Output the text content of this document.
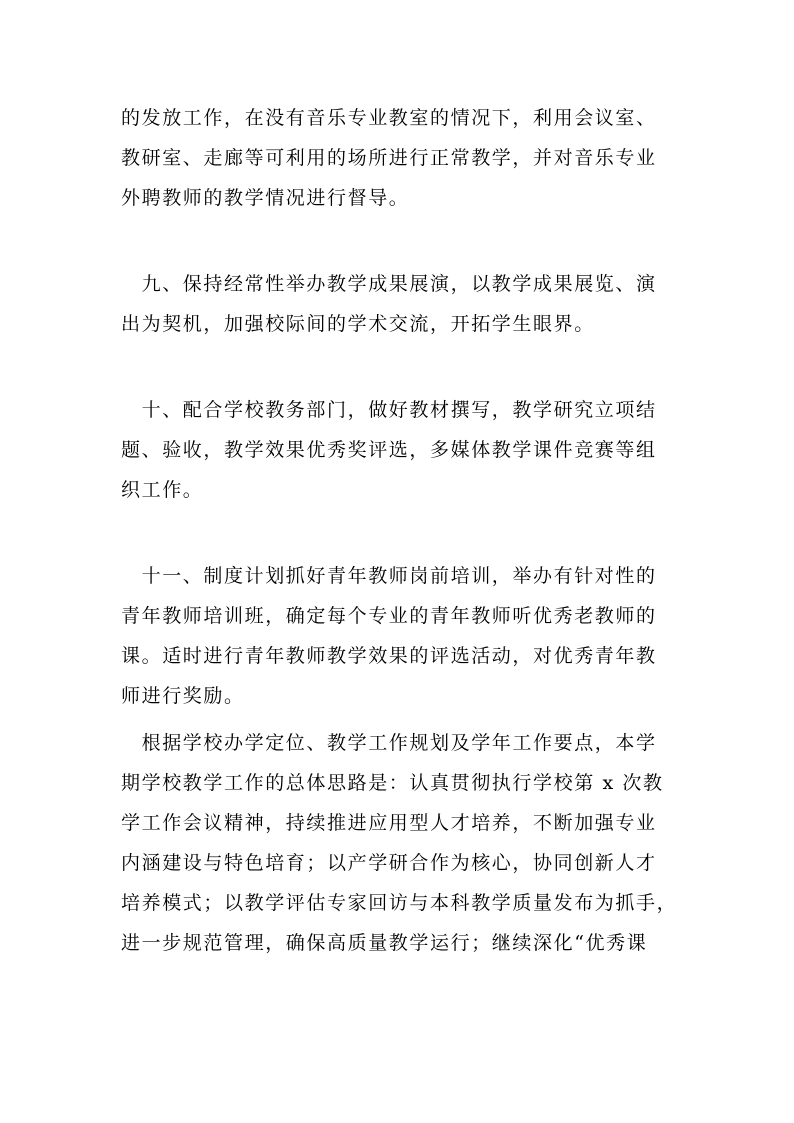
的发放工作，在没有音乐专业教室的情况下，利用会议室、
教研室、走廊等可利用的场所进行正常教学，并对音乐专业
外聘教师的教学情况进行督导。
　九、保持经常性举办教学成果展演，以教学成果展览、演
出为契机，加强校际间的学术交流，开拓学生眼界。
　十、配合学校教务部门，做好教材撰写，教学研究立项结
题、验收，教学效果优秀奖评选，多媒体教学课件竞赛等组
织工作。
　十一、制度计划抓好青年教师岗前培训，举办有针对性的
青年教师培训班，确定每个专业的青年教师听优秀老教师的
课。适时进行青年教师教学效果的评选活动，对优秀青年教
师进行奖励。
　根据学校办学定位、教学工作规划及学年工作要点，本学
期学校教学工作的总体思路是：认真贯彻执行学校第 x 次教
学工作会议精神，持续推进应用型人才培养，不断加强专业
内涵建设与特色培育；以产学研合作为核心，协同创新人才
培养模式；以教学评估专家回访与本科教学质量发布为抓手，
进一步规范管理，确保高质量教学运行；继续深化“优秀课
